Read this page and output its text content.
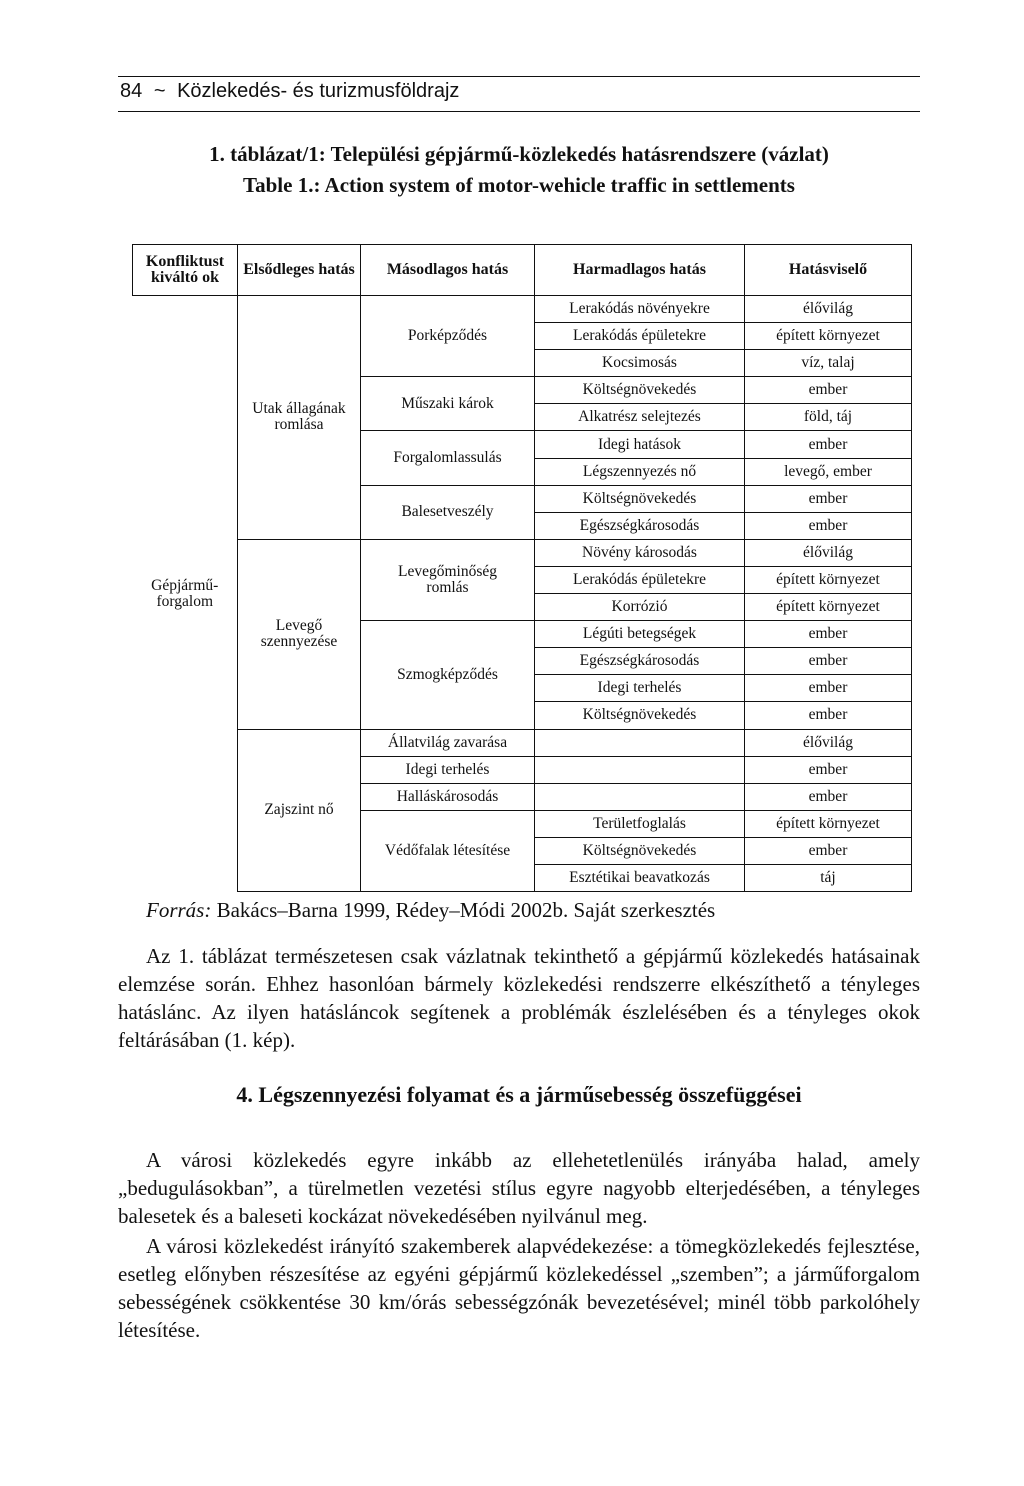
84 ~ Közlekedés- és turizmusföldrajz
1. táblázat/1: Települési gépjármű-közlekedés hatásrendszere (vázlat)
Table 1.: Action system of motor-wehicle traffic in settlements
Konfliktust kiváltó ok	Elsődleges hatás	Másodlagos hatás	Harmadlagos hatás	Hatásviselő
Gépjármű-forgalom	Utak állagának romlása	Porképződés	Lerakódás növényekre	élővilág
			Lerakódás épületekre	épített környezet
			Kocsimosás	víz, talaj
		Műszaki károk	Költségnövekedés	ember
			Alkatrész selejtezés	föld, táj
		Forgalomlassulás	Idegi hatások	ember
			Légszennyezés nő	levegő, ember
		Balesetveszély	Költségnövekedés	ember
			Egészségkárosodás	ember
	Levegő szennyezése	Levegőminőség romlás	Növény károsodás	élővilág
			Lerakódás épületekre	épített környezet
			Korrózió	épített környezet
		Szmogképződés	Légúti betegségek	ember
			Egészségkárosodás	ember
			Idegi terhelés	ember
			Költségnövekedés	ember
	Zajszint nő	Állatvilág zavarása		élővilág
		Idegi terhelés		ember
		Halláskárosodás		ember
		Védőfalak létesítése	Területfoglalás	épített környezet
			Költségnövekedés	ember
			Esztétikai beavatkozás	táj
Forrás: Bakács–Barna 1999, Rédey–Módi 2002b. Saját szerkesztés

Az 1. táblázat természetesen csak vázlatnak tekinthető a gépjármű közlekedés hatásainak elemzése során. Ehhez hasonlóan bármely közlekedési rendszerre elkészíthető a tényleges hatáslánc. Az ilyen hatásláncok segítenek a problémák észlelésében és a tényleges okok feltárásában (1. kép).

4. Légszennyezési folyamat és a járműsebesség összefüggései

A városi közlekedés egyre inkább az ellehetetlenülés irányába halad, amely „bedugulásokban”, a türelmetlen vezetési stílus egyre nagyobb elterjedésében, a tényleges balesetek és a baleseti kockázat növekedésében nyilvánul meg.

A városi közlekedést irányító szakemberek alapvédekezése: a tömegközlekedés fejlesztése, esetleg előnyben részesítése az egyéni gépjármű közlekedéssel „szemben”; a járműforgalom sebességének csökkentése 30 km/órás sebességzónák bevezetésével; minél több parkolóhely létesítése.
